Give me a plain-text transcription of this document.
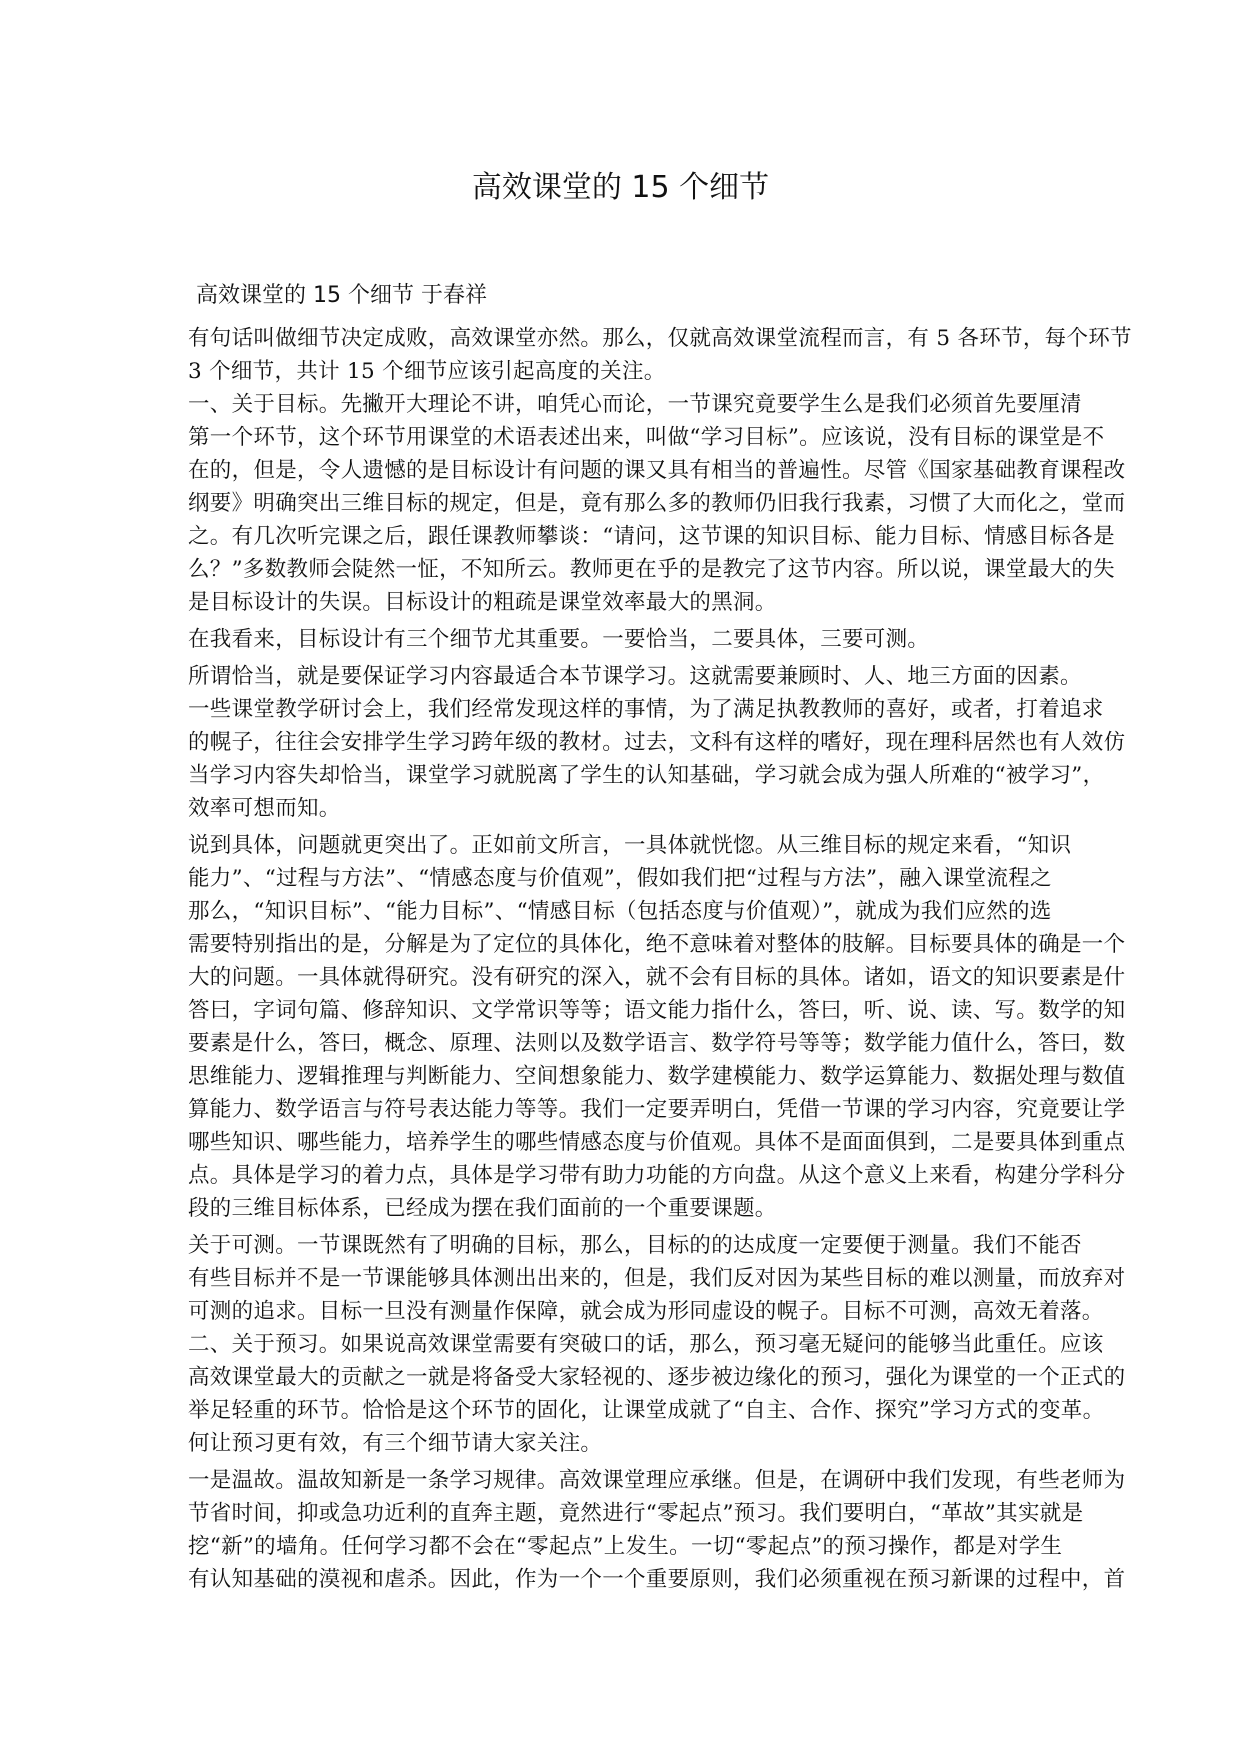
高效课堂的 15 个细节
高效课堂的 15 个细节 于春祥
有句话叫做细节决定成败，高效课堂亦然。那么，仅就高效课堂流程而言，有 5 各环节，每个环节
3 个细节，共计 15 个细节应该引起高度的关注。
一、关于目标。先撇开大理论不讲，咱凭心而论，一节课究竟要学生么是我们必须首先要厘清
第一个环节，这个环节用课堂的术语表述出来，叫做“学习目标”。应该说，没有目标的课堂是不
在的，但是，令人遗憾的是目标设计有问题的课又具有相当的普遍性。尽管《国家基础教育课程改
纲要》明确突出三维目标的规定，但是，竟有那么多的教师仍旧我行我素，习惯了大而化之，堂而
之。有几次听完课之后，跟任课教师攀谈：“请问，这节课的知识目标、能力目标、情感目标各是
么？”多数教师会陡然一怔，不知所云。教师更在乎的是教完了这节内容。所以说，课堂最大的失
是目标设计的失误。目标设计的粗疏是课堂效率最大的黑洞。
在我看来，目标设计有三个细节尤其重要。一要恰当，二要具体，三要可测。
所谓恰当，就是要保证学习内容最适合本节课学习。这就需要兼顾时、人、地三方面的因素。
一些课堂教学研讨会上，我们经常发现这样的事情，为了满足执教教师的喜好，或者，打着追求
的幌子，往往会安排学生学习跨年级的教材。过去，文科有这样的嗜好，现在理科居然也有人效仿
当学习内容失却恰当，课堂学习就脱离了学生的认知基础，学习就会成为强人所难的“被学习”，
效率可想而知。
说到具体，问题就更突出了。正如前文所言，一具体就恍惚。从三维目标的规定来看，“知识
能力”、“过程与方法”、“情感态度与价值观”，假如我们把“过程与方法”，融入课堂流程之
那么，“知识目标”、“能力目标”、“情感目标（包括态度与价值观）”，就成为我们应然的选
需要特别指出的是，分解是为了定位的具体化，绝不意味着对整体的肢解。目标要具体的确是一个
大的问题。一具体就得研究。没有研究的深入，就不会有目标的具体。诸如，语文的知识要素是什
答曰，字词句篇、修辞知识、文学常识等等；语文能力指什么，答曰，听、说、读、写。数学的知
要素是什么，答曰，概念、原理、法则以及数学语言、数学符号等等；数学能力值什么，答曰，数
思维能力、逻辑推理与判断能力、空间想象能力、数学建模能力、数学运算能力、数据处理与数值
算能力、数学语言与符号表达能力等等。我们一定要弄明白，凭借一节课的学习内容，究竟要让学
哪些知识、哪些能力，培养学生的哪些情感态度与价值观。具体不是面面俱到，二是要具体到重点
点。具体是学习的着力点，具体是学习带有助力功能的方向盘。从这个意义上来看，构建分学科分
段的三维目标体系，已经成为摆在我们面前的一个重要课题。
关于可测。一节课既然有了明确的目标，那么，目标的的达成度一定要便于测量。我们不能否
有些目标并不是一节课能够具体测出出来的，但是，我们反对因为某些目标的难以测量，而放弃对
可测的追求。目标一旦没有测量作保障，就会成为形同虚设的幌子。目标不可测，高效无着落。
二、关于预习。如果说高效课堂需要有突破口的话，那么，预习毫无疑问的能够当此重任。应该
高效课堂最大的贡献之一就是将备受大家轻视的、逐步被边缘化的预习，强化为课堂的一个正式的
举足轻重的环节。恰恰是这个环节的固化，让课堂成就了“自主、合作、探究”学习方式的变革。
何让预习更有效，有三个细节请大家关注。
一是温故。温故知新是一条学习规律。高效课堂理应承继。但是，在调研中我们发现，有些老师为
节省时间，抑或急功近利的直奔主题，竟然进行“零起点”预习。我们要明白，“革故”其实就是
挖“新”的墙角。任何学习都不会在“零起点”上发生。一切“零起点”的预习操作，都是对学生
有认知基础的漠视和虐杀。因此，作为一个一个重要原则，我们必须重视在预习新课的过程中，首
